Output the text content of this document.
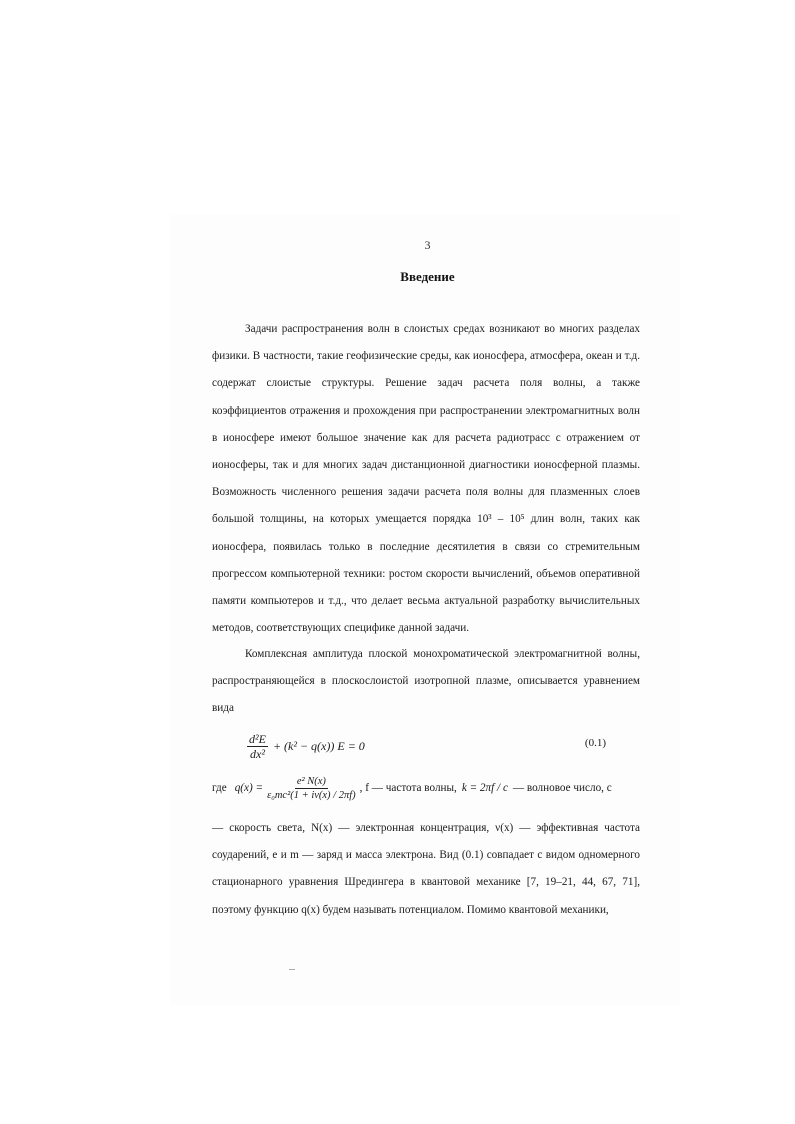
3
Введение

Задачи распространения волн в слоистых средах возникают во многих разделах физики. В частности, такие геофизические среды, как ионосфера, атмосфера, океан и т.д. содержат слоистые структуры. Решение задач расчета поля волны, а также коэффициентов отражения и прохождения при распространении электромагнитных волн в ионосфере имеют большое значение как для расчета радиотрасс с отражением от ионосферы, так и для многих задач дистанционной диагностики ионосферной плазмы. Возможность численного решения задачи расчета поля волны для плазменных слоев большой толщины, на которых умещается порядка 10³ – 10⁵ длин волн, таких как ионосфера, появилась только в последние десятилетия в связи со стремительным прогрессом компьютерной техники: ростом скорости вычислений, объемов оперативной памяти компьютеров и т.д., что делает весьма актуальной разработку вычислительных методов, соответствующих специфике данной задачи.

Комплексная амплитуда плоской монохроматической электромагнитной волны, распространяющейся в плоскослоистой изотропной плазме, описывается уравнением вида

$\frac{\text{d²E}}{\text{dx²}} + (k^2 - q(x)) E = 0$	(0.1)
где $q(x) = \frac{\text{e² N(x)}}{\text{ε₀mc²(1 + iν(x) / 2πf)}}$ , f — частота волны, k = 2πf / c — волновое число, c

— скорость света, N(x) — электронная концентрация, ν(x) — эффективная частота соударений, e и m — заряд и масса электрона. Вид (0.1) совпадает с видом одномерного стационарного уравнения Шредингера в квантовой механике [7, 19–21, 44, 67, 71], поэтому функцию q(x) будем называть потенциалом. Помимо квантовой механики,
